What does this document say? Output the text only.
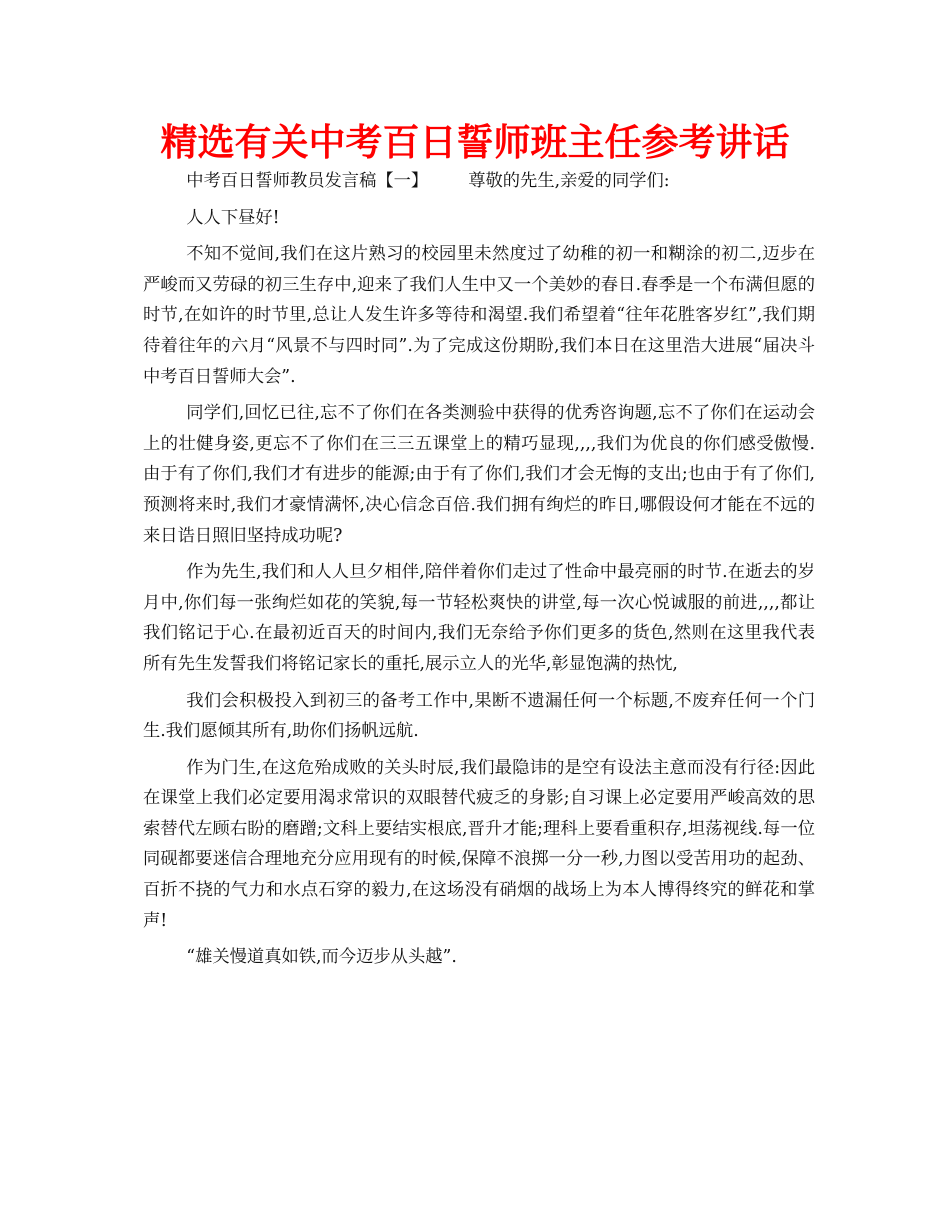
精选有关中考百日誓师班主任参考讲话

中考百日誓师教员发言稿【一】 尊敬的先生,亲爱的同学们:

人人下昼好!

不知不觉间,我们在这片熟习的校园里未然度过了幼稚的初一和糊涂的初二,迈步在严峻而又劳碌的初三生存中,迎来了我们人生中又一个美妙的春日.春季是一个布满但愿的时节,在如许的时节里,总让人发生许多等待和渴望.我们希望着“往年花胜客岁红”,我们期待着往年的六月“风景不与四时同”.为了完成这份期盼,我们本日在这里浩大进展“届决斗中考百日誓师大会”.

同学们,回忆已往,忘不了你们在各类测验中获得的优秀咨询题,忘不了你们在运动会上的壮健身姿,更忘不了你们在三三五课堂上的精巧显现,,,,我们为优良的你们感受傲慢.由于有了你们,我们才有进步的能源;由于有了你们,我们才会无悔的支出;也由于有了你们,预测将来时,我们才豪情满怀,决心信念百倍.我们拥有绚烂的昨日,哪假设何才能在不远的来日诰日照旧坚持成功呢?

作为先生,我们和人人旦夕相伴,陪伴着你们走过了性命中最亮丽的时节.在逝去的岁月中,你们每一张绚烂如花的笑貌,每一节轻松爽快的讲堂,每一次心悦诚服的前进,,,,都让我们铭记于心.在最初近百天的时间内,我们无奈给予你们更多的货色,然则在这里我代表所有先生发誓我们将铭记家长的重托,展示立人的光华,彰显饱满的热忱,

我们会积极投入到初三的备考工作中,果断不遗漏任何一个标题,不废弃任何一个门生.我们愿倾其所有,助你们扬帆远航.

作为门生,在这危殆成败的关头时辰,我们最隐讳的是空有设法主意而没有行径:因此在课堂上我们必定要用渴求常识的双眼替代疲乏的身影;自习课上必定要用严峻高效的思索替代左顾右盼的磨蹭;文科上要结实根底,晋升才能;理科上要看重积存,坦荡视线.每一位同砚都要迷信合理地充分应用现有的时候,保障不浪掷一分一秒,力图以受苦用功的起劲、百折不挠的气力和水点石穿的毅力,在这场没有硝烟的战场上为本人博得终究的鲜花和掌声!

“雄关慢道真如铁,而今迈步从头越”.
